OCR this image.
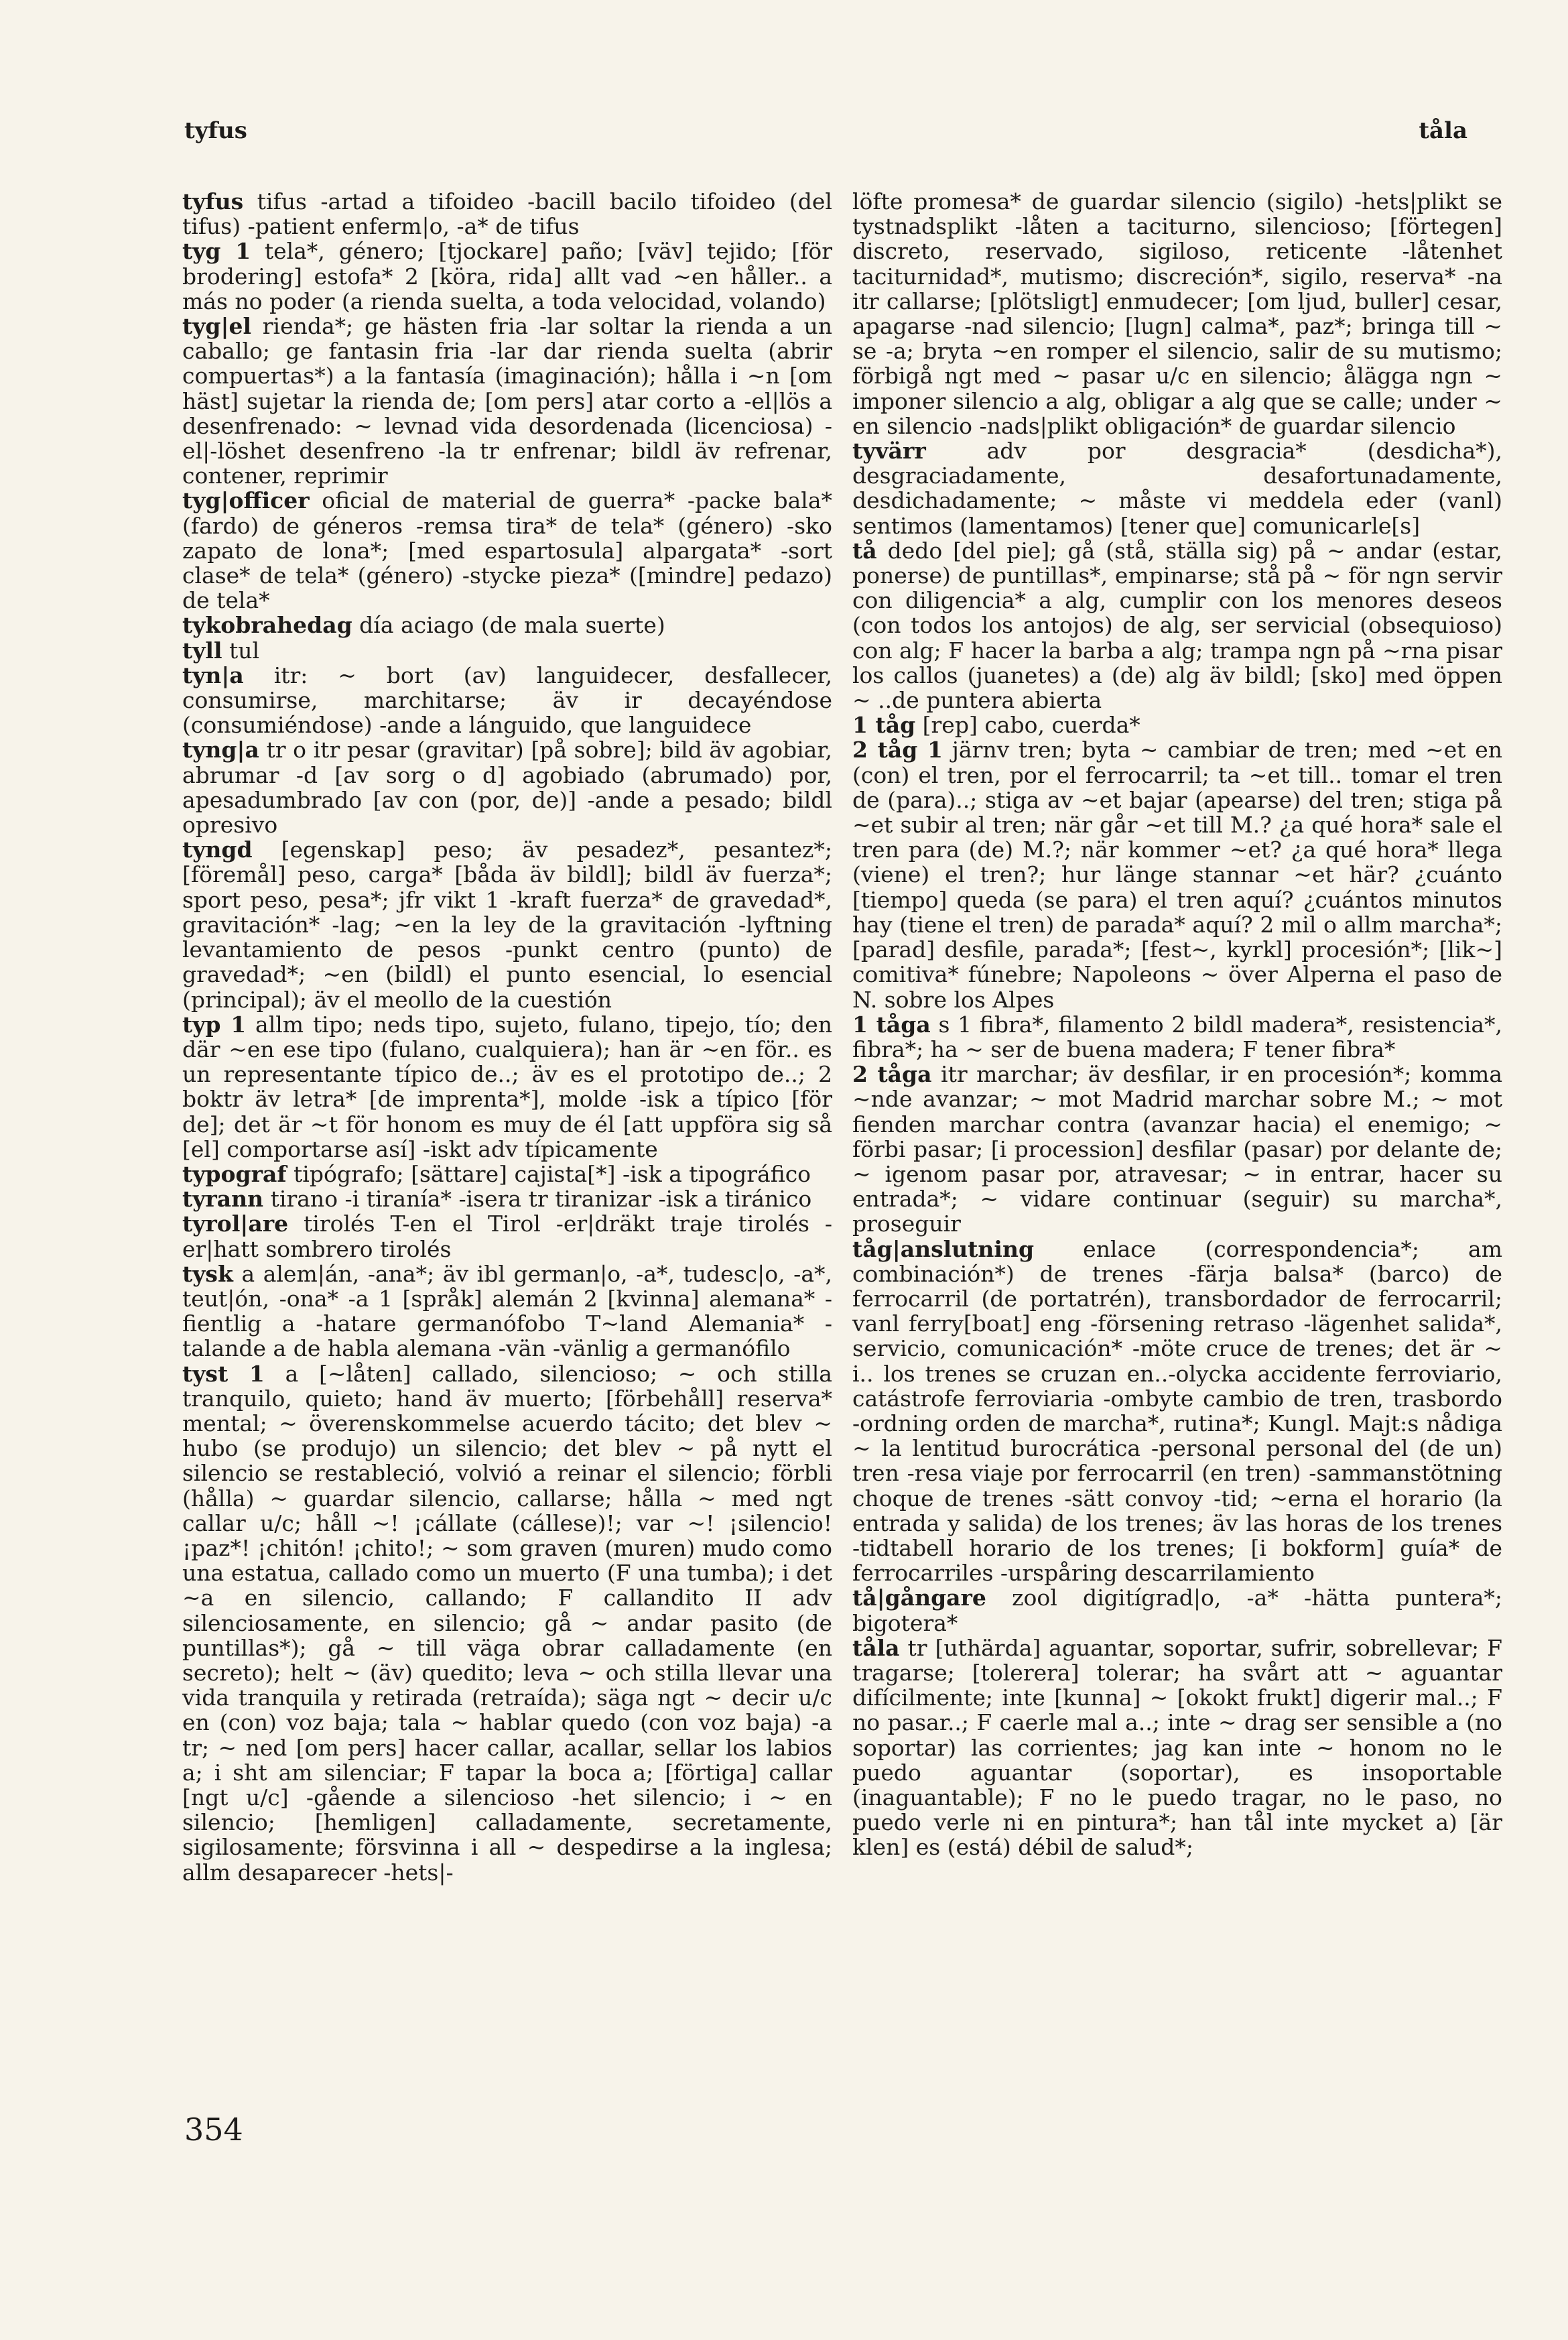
tyfus	tåla

tyfus tifus -artad a tifoideo -bacill bacilo tifoideo (del tifus) -patient enferm|o, -a* de tifus

tyg 1 tela*, género; [tjockare] paño; [väv] tejido; [för brodering] estofa* 2 [köra, rida] allt vad ~en håller.. a más no poder (a rienda suelta, a toda velocidad, volando)

tyg|el rienda*; ge hästen fria -lar soltar la rienda a un caballo; ge fantasin fria -lar dar rienda suelta (abrir compuertas*) a la fantasía (imaginación); hålla i ~n [om häst] sujetar la rienda de; [om pers] atar corto a -el|lös a desenfrenado: ~ levnad vida desordenada (licenciosa) -el|-löshet desenfreno -la tr enfrenar; bildl äv refrenar, contener, reprimir

tyg|officer oficial de material de guerra* -packe bala* (fardo) de géneros -remsa tira* de tela* (género) -sko zapato de lona*; [med espartosula] alpargata* -sort clase* de tela* (género) -stycke pieza* ([mindre] pedazo) de tela*

tykobrahedag día aciago (de mala suerte)

tyll tul

tyn|a itr: ~ bort (av) languidecer, desfallecer, consumirse, marchitarse; äv ir decayéndose (consumiéndose) -ande a lánguido, que languidece

tyng|a tr o itr pesar (gravitar) [på sobre]; bild äv agobiar, abrumar -d [av sorg o d] agobiado (abrumado) por, apesadumbrado [av con (por, de)] -ande a pesado; bildl opresivo

tyngd [egenskap] peso; äv pesadez*, pesantez*; [föremål] peso, carga* [båda äv bildl]; bildl äv fuerza*; sport peso, pesa*; jfr vikt 1 -kraft fuerza* de gravedad*, gravitación* -lag; ~en la ley de la gravitación -lyftning levantamiento de pesos -punkt centro (punto) de gravedad*; ~en (bildl) el punto esencial, lo esencial (principal); äv el meollo de la cuestión

typ 1 allm tipo; neds tipo, sujeto, fulano, tipejo, tío; den där ~en ese tipo (fulano, cualquiera); han är ~en för.. es un representante típico de..; äv es el prototipo de..; 2 boktr äv letra* [de imprenta*], molde -isk a típico [för de]; det är ~t för honom es muy de él [att uppföra sig så [el] comportarse así] -iskt adv típicamente

typograf tipógrafo; [sättare] cajista[*] -isk a tipográfico

tyrann tirano -i tiranía* -isera tr tiranizar -isk a tiránico

tyrol|are tirolés T-en el Tirol -er|dräkt traje tirolés -er|hatt sombrero tirolés

tysk a alem|án, -ana*; äv ibl german|o, -a*, tudesc|o, -a*, teut|ón, -ona* -a 1 [språk] alemán 2 [kvinna] alemana* -fientlig a -hatare germanófobo T~land Alemania* -talande a de habla alemana -vän -vänlig a germanófilo

tyst 1 a [~låten] callado, silencioso; ~ och stilla tranquilo, quieto; hand äv muerto; [förbehåll] reserva* mental; ~ överenskommelse acuerdo tácito; det blev ~ hubo (se produjo) un silencio; det blev ~ på nytt el silencio se restableció, volvió a reinar el silencio; förbli (hålla) ~ guardar silencio, callarse; hålla ~ med ngt callar u/c; håll ~! ¡cállate (cállese)!; var ~! ¡silencio! ¡paz*! ¡chitón! ¡chito!; ~ som graven (muren) mudo como una estatua, callado como un muerto (F una tumba); i det ~a en silencio, callando; F callandito II adv silenciosamente, en silencio; gå ~ andar pasito (de puntillas*); gå ~ till väga obrar calladamente (en secreto); helt ~ (äv) quedito; leva ~ och stilla llevar una vida tranquila y retirada (retraída); säga ngt ~ decir u/c en (con) voz baja; tala ~ hablar quedo (con voz baja) -a tr; ~ ned [om pers] hacer callar, acallar, sellar los labios a; i sht am silenciar; F tapar la boca a; [förtiga] callar [ngt u/c] -gående a silencioso -het silencio; i ~ en silencio; [hemligen] calladamente, secretamente, sigilosamente; försvinna i all ~ despedirse a la inglesa; allm desaparecer -hets|-

löfte promesa* de guardar silencio (sigilo) -hets|plikt se tystnadsplikt -låten a taciturno, silencioso; [förtegen] discreto, reservado, sigiloso, reticente -låtenhet taciturnidad*, mutismo; discreción*, sigilo, reserva* -na itr callarse; [plötsligt] enmudecer; [om ljud, buller] cesar, apagarse -nad silencio; [lugn] calma*, paz*; bringa till ~ se -a; bryta ~en romper el silencio, salir de su mutismo; förbigå ngt med ~ pasar u/c en silencio; ålägga ngn ~ imponer silencio a alg, obligar a alg que se calle; under ~ en silencio -nads|plikt obligación* de guardar silencio

tyvärr	adv por desgracia* (desdicha*), desgraciadamente, desafortunadamente, desdichadamente; ~ måste vi meddela eder (vanl) sentimos (lamentamos) [tener que] comunicarle[s]

tå dedo [del pie]; gå (stå, ställa sig) på ~ andar (estar, ponerse) de puntillas*, empinarse; stå på ~ för ngn servir con diligencia* a alg, cumplir con los menores deseos (con todos los antojos) de alg, ser servicial (obsequioso) con alg; F hacer la barba a alg; trampa ngn på ~rna pisar los callos (juanetes) a (de) alg äv bildl; [sko] med öppen ~ ..de puntera abierta

1 tåg [rep] cabo, cuerda*

2 tåg 1 järnv tren; byta ~ cambiar de tren; med ~et en (con) el tren, por el ferrocarril; ta ~et till.. tomar el tren de (para)..; stiga av ~et bajar (apearse) del tren; stiga på ~et subir al tren; när går ~et till M.? ¿a qué hora* sale el tren para (de) M.?; när kommer ~et? ¿a qué hora* llega (viene) el tren?; hur länge stannar ~et här? ¿cuánto [tiempo] queda (se para) el tren aquí? ¿cuántos minutos hay (tiene el tren) de parada* aquí? 2 mil o allm marcha*; [parad] desfile, parada*; [fest~, kyrkl] procesión*; [lik~] comitiva* fúnebre; Napoleons ~ över Alperna el paso de N. sobre los Alpes

1 tåga s 1 fibra*, filamento 2 bildl madera*, resistencia*, fibra*; ha ~ ser de buena madera; F tener fibra*

2 tåga itr marchar; äv desfilar, ir en procesión*; komma ~nde avanzar; ~ mot Madrid marchar sobre M.; ~ mot fienden marchar contra (avanzar hacia) el enemigo; ~ förbi pasar; [i procession] desfilar (pasar) por delante de; ~ igenom pasar por, atravesar; ~ in entrar, hacer su entrada*; ~ vidare continuar (seguir) su marcha*, proseguir

tåg|anslutning enlace (correspondencia*; am combinación*) de trenes -färja balsa* (barco) de ferrocarril (de portatrén), transbordador de ferrocarril; vanl ferry[boat] eng -försening retraso -lägenhet salida*, servicio, comunicación* -möte cruce de trenes; det är ~ i.. los trenes se cruzan en..-olycka accidente ferroviario, catástrofe ferroviaria -ombyte cambio de tren, trasbordo -ordning orden de marcha*, rutina*; Kungl. Majt:s nådiga ~ la lentitud burocrática -personal personal del (de un) tren -resa viaje por ferrocarril (en tren) -sammanstötning choque de trenes -sätt convoy -tid; ~erna el horario (la entrada y salida) de los trenes; äv las horas de los trenes -tidtabell horario de los trenes; [i bokform] guía* de ferrocarriles -urspåring descarrilamiento

tå|gångare zool digitígrad|o, -a* -hätta puntera*; bigotera*

tåla tr [uthärda] aguantar, soportar, sufrir, sobrellevar; F tragarse; [tolerera] tolerar; ha svårt att ~ aguantar difícilmente; inte [kunna] ~ [okokt frukt] digerir mal..; F no pasar..; F caerle mal a..; inte ~ drag ser sensible a (no soportar) las corrientes; jag kan inte ~ honom no le puedo aguantar (soportar), es insoportable (inaguantable); F no le puedo tragar, no le paso, no puedo verle ni en pintura*; han tål inte mycket a) [är klen] es (está) débil de salud*;

354
